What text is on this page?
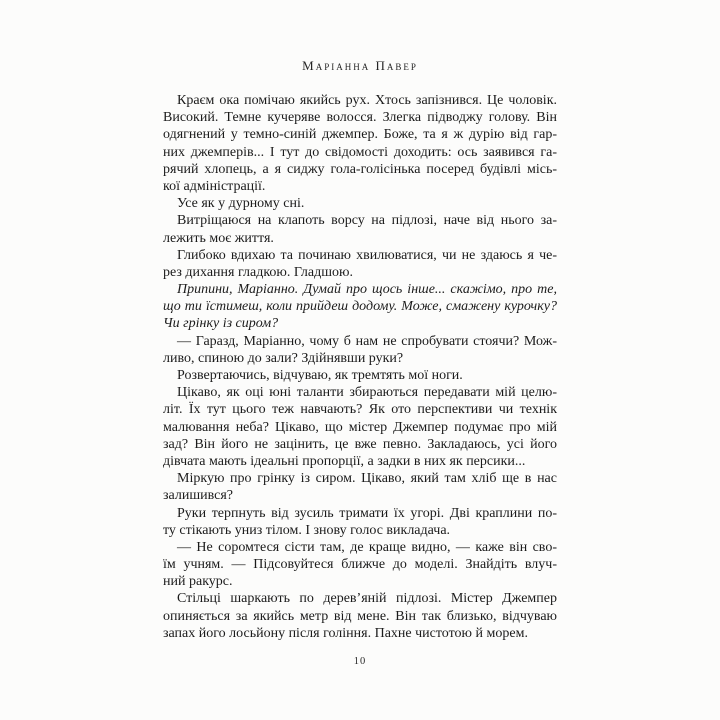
Маріанна Павер
Краєм ока помічаю якийсь рух. Хтось запізнився. Це чоловік.
Високий. Темне кучеряве волосся. Злегка підводжу голову. Він
одягнений у темно-синій джемпер. Боже, та я ж дурію від гар-
них джемперів... І тут до свідомості доходить: ось заявився га-
рячий хлопець, а я сиджу гола-голісінька посеред будівлі місь-
кої адміністрації.
Усе як у дурному сні.
Витріщаюся на клапоть ворсу на підлозі, наче від нього за-
лежить моє життя.
Глибоко вдихаю та починаю хвилюватися, чи не здаюсь я че-
рез дихання гладкою. Гладшою.
Припини, Маріанно. Думай про щось інше... скажімо, про те,
що ти їстимеш, коли прийдеш додому. Може, смажену курочку?
Чи грінку із сиром?
— Гаразд, Маріанно, чому б нам не спробувати стоячи? Мож-
ливо, спиною до зали? Здійнявши руки?
Розвертаючись, відчуваю, як тремтять мої ноги.
Цікаво, як оці юні таланти збираються передавати мій целю-
літ. Їх тут цього теж навчають? Як ото перспективи чи технік
малювання неба? Цікаво, що містер Джемпер подумає про мій
зад? Він його не зацінить, це вже певно. Закладаюсь, усі його
дівчата мають ідеальні пропорції, а задки в них як персики...
Міркую про грінку із сиром. Цікаво, який там хліб ще в нас
залишився?
Руки терпнуть від зусиль тримати їх угорі. Дві краплини по-
ту стікають униз тілом. І знову голос викладача.
— Не соромтеся сісти там, де краще видно, — каже він сво-
їм учням. — Підсовуйтеся ближче до моделі. Знайдіть влуч-
ний ракурс.
Стільці шаркають по дерев’яній підлозі. Містер Джемпер
опиняється за якийсь метр від мене. Він так близько, відчуваю
запах його лосьйону після гоління. Пахне чистотою й морем.
10
